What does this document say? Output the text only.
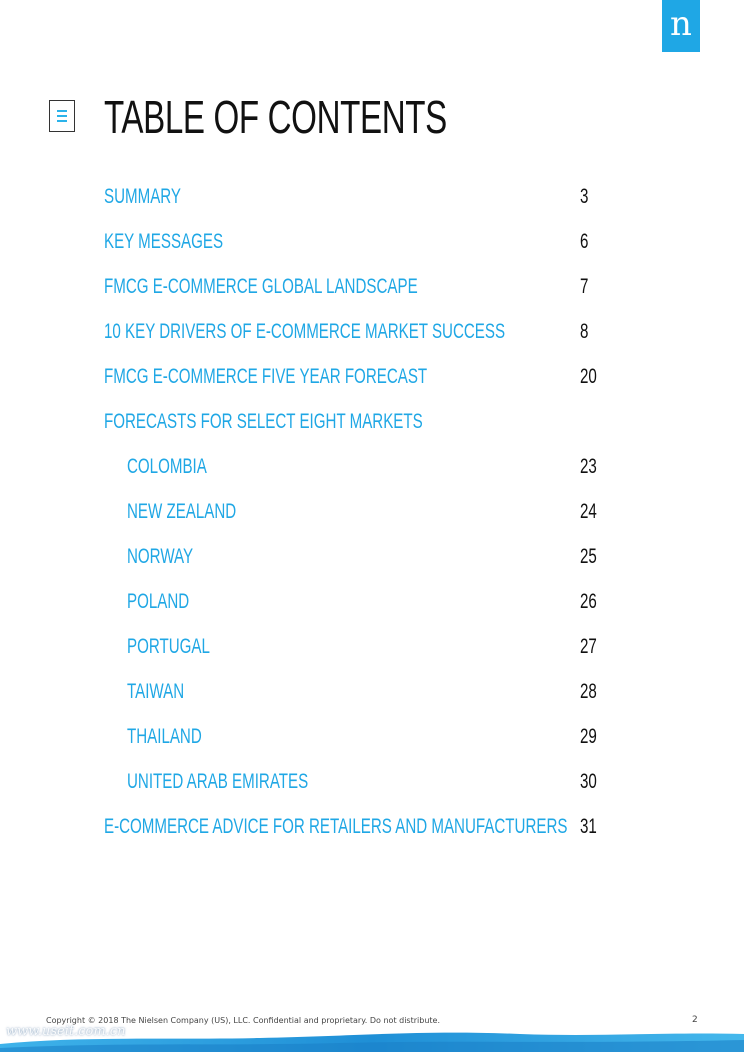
n
TABLE OF CONTENTS
SUMMARY	3
KEY MESSAGES	6
FMCG E-COMMERCE GLOBAL LANDSCAPE	7
10 KEY DRIVERS OF E-COMMERCE MARKET SUCCESS	8
FMCG E-COMMERCE FIVE YEAR FORECAST	20
FORECASTS FOR SELECT EIGHT MARKETS
COLOMBIA	23
NEW ZEALAND	24
NORWAY	25
POLAND	26
PORTUGAL	27
TAIWAN	28
THAILAND	29
UNITED ARAB EMIRATES	30
E-COMMERCE ADVICE FOR RETAILERS AND MANUFACTURERS 31
Copyright © 2018 The Nielsen Company (US), LLC. Confidential and proprietary. Do not distribute.	2
www.useit.com.cn
